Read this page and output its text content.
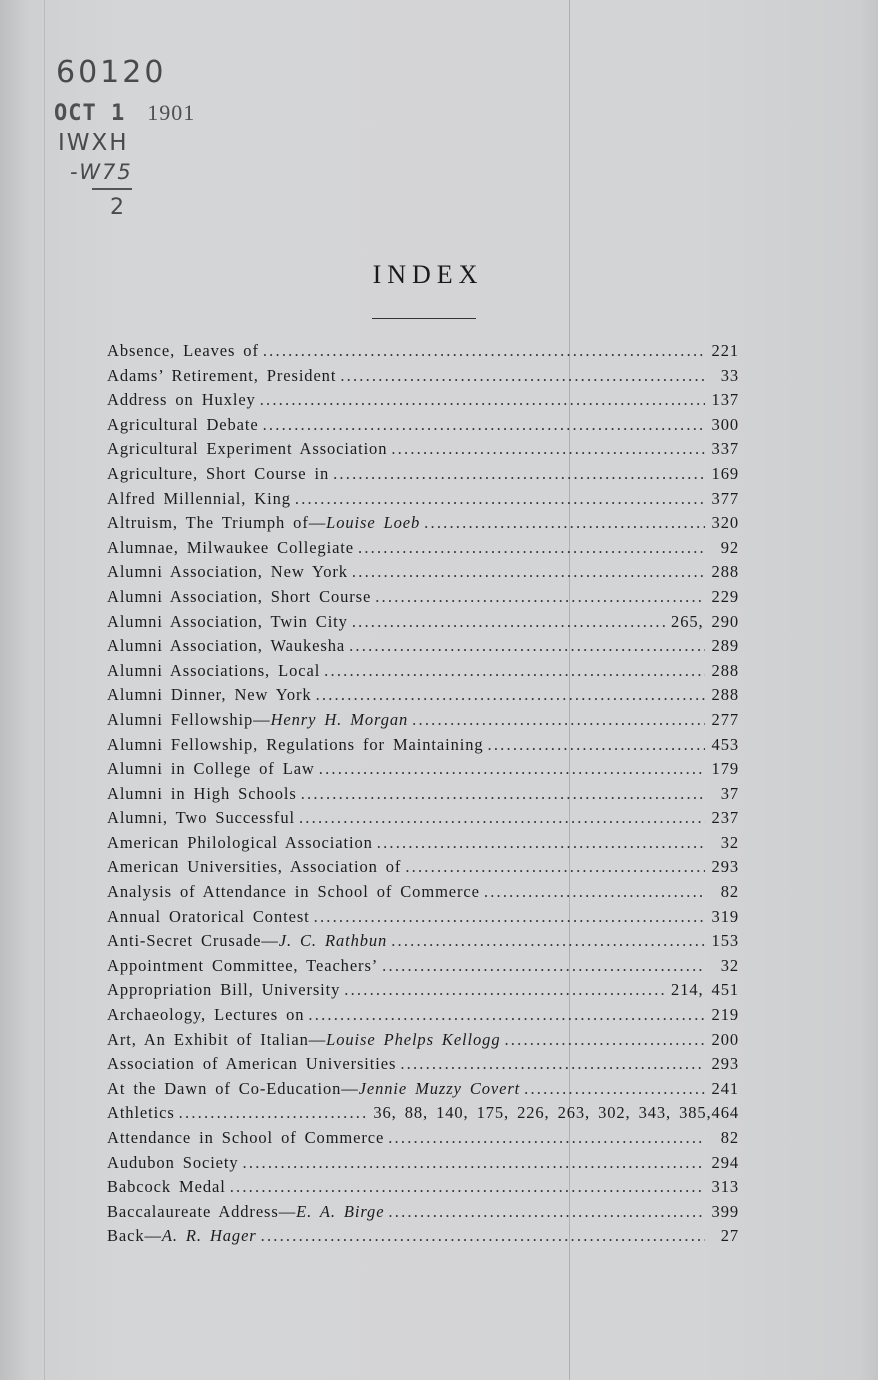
60120
OCT 1 1901
IWXH
-W75
2
INDEX
Absence, Leaves of .....	221
Adams’ Retirement, President .....	33
Address on Huxley .....	137
Agricultural Debate .....	300
Agricultural Experiment Association .....	337
Agriculture, Short Course in .....	169
Alfred Millennial, King .....	377
Altruism, The Triumph of—Louise Loeb .....	320
Alumnae, Milwaukee Collegiate .....	92
Alumni Association, New York .....	288
Alumni Association, Short Course .....	229
Alumni Association, Twin City .....	265, 290
Alumni Association, Waukesha .....	289
Alumni Associations, Local .....	288
Alumni Dinner, New York .....	288
Alumni Fellowship—Henry H. Morgan .....	277
Alumni Fellowship, Regulations for Maintaining .....	453
Alumni in College of Law .....	179
Alumni in High Schools .....	37
Alumni, Two Successful .....	237
American Philological Association .....	32
American Universities, Association of .....	293
Analysis of Attendance in School of Commerce .....	82
Annual Oratorical Contest .....	319
Anti-Secret Crusade—J. C. Rathbun .....	153
Appointment Committee, Teachers’ .....	32
Appropriation Bill, University .....	214, 451
Archaeology, Lectures on .....	219
Art, An Exhibit of Italian—Louise Phelps Kellogg .....	200
Association of American Universities .....	293
At the Dawn of Co-Education—Jennie Muzzy Covert .....	241
Athletics .....	36, 88, 140, 175, 226, 263, 302, 343, 385,464
Attendance in School of Commerce .....	82
Audubon Society .....	294
Babcock Medal .....	313
Baccalaureate Address—E. A. Birge .....	399
Back—A. R. Hager .....	27
